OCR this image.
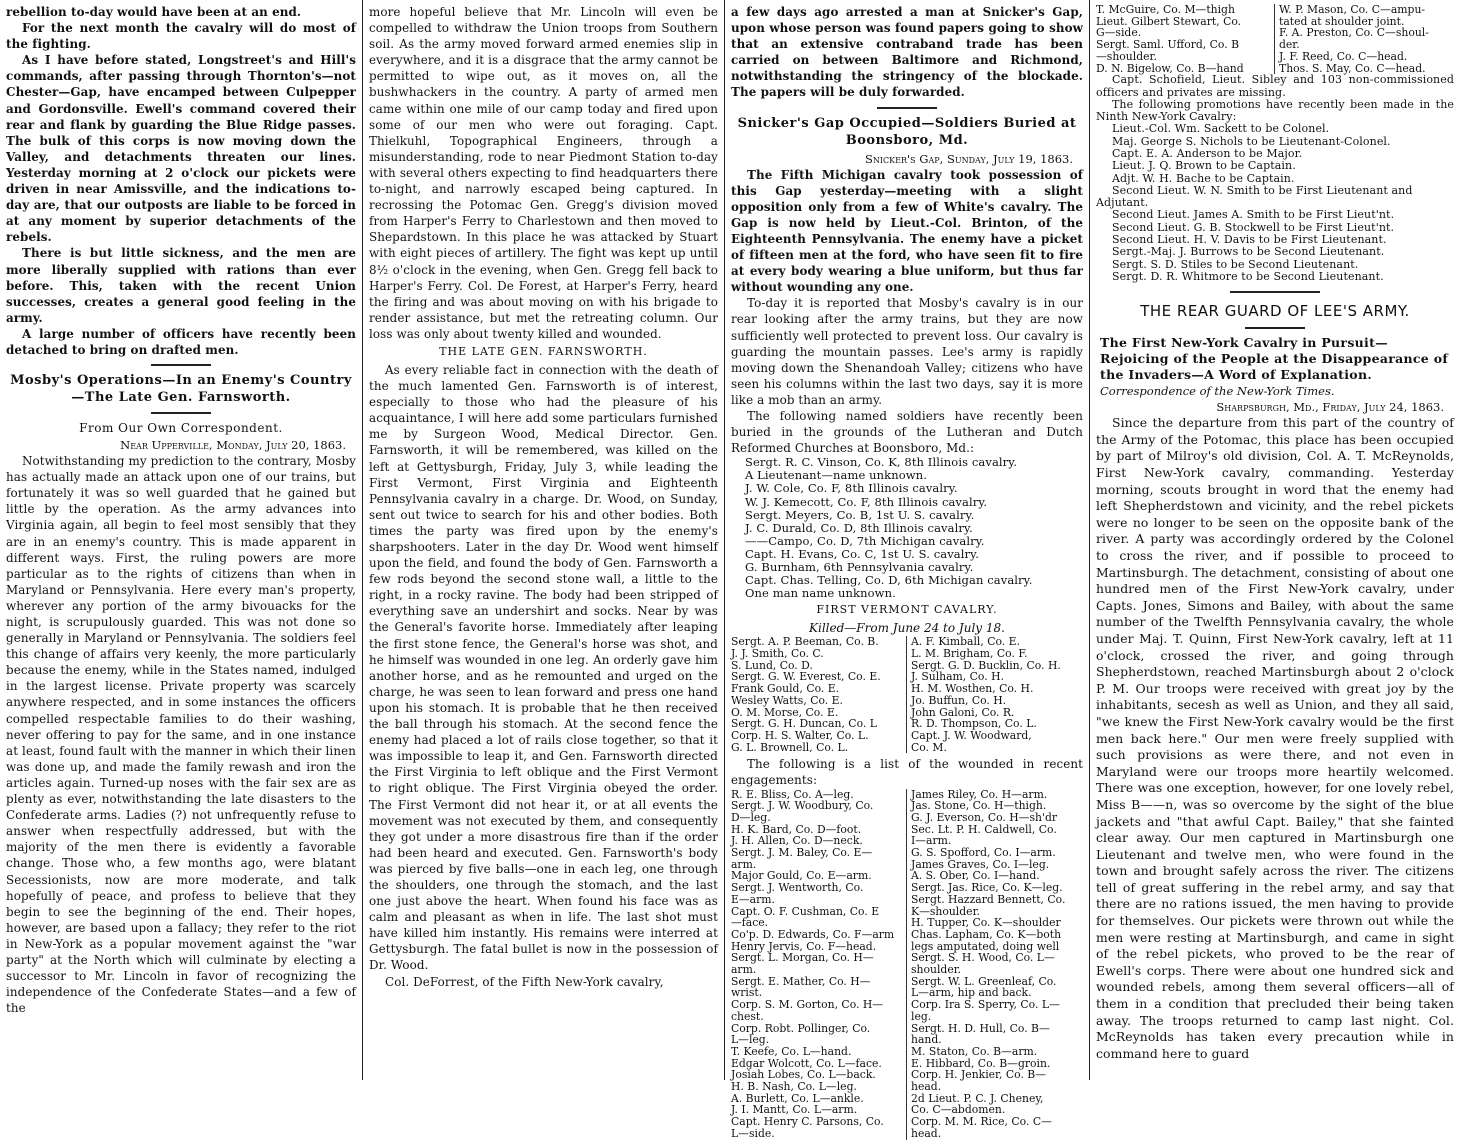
rebellion to-day would have been at an end.

For the next month the cavalry will do most of the fighting.

As I have before stated, Longstreet's and Hill's commands, after passing through Thornton's—not Chester—Gap, have encamped between Culpepper and Gordonsville. Ewell's command covered their rear and flank by guarding the Blue Ridge passes. The bulk of this corps is now moving down the Valley, and detachments threaten our lines. Yesterday morning at 2 o'clock our pickets were driven in near Amissville, and the indications to-day are, that our outposts are liable to be forced in at any moment by superior detachments of the rebels.

There is but little sickness, and the men are more liberally supplied with rations than ever before. This, taken with the recent Union successes, creates a general good feeling in the army.

A large number of officers have recently been detached to bring on drafted men.

Mosby's Operations—In an Enemy's Country —The Late Gen. Farnsworth.
From Our Own Correspondent.
Near Upperville, Monday, July 20, 1863.

Notwithstanding my prediction to the contrary, Mosby has actually made an attack upon one of our trains, but fortunately it was so well guarded that he gained but little by the operation. As the army advances into Virginia again, all begin to feel most sensibly that they are in an enemy's country. This is made apparent in different ways. First, the ruling powers are more particular as to the rights of citizens than when in Maryland or Pennsylvania. Here every man's property, wherever any portion of the army bivouacks for the night, is scrupulously guarded. This was not done so generally in Maryland or Pennsylvania. The soldiers feel this change of affairs very keenly, the more particularly because the enemy, while in the States named, indulged in the largest license. Private property was scarcely anywhere respected, and in some instances the officers compelled respectable families to do their washing, never offering to pay for the same, and in one instance at least, found fault with the manner in which their linen was done up, and made the family rewash and iron the articles again. Turned-up noses with the fair sex are as plenty as ever, notwithstanding the late disasters to the Confederate arms. Ladies (?) not unfrequently refuse to answer when respectfully addressed, but with the majority of the men there is evidently a favorable change. Those who, a few months ago, were blatant Secessionists, now are more moderate, and talk hopefully of peace, and profess to believe that they begin to see the beginning of the end. Their hopes, however, are based upon a fallacy; they refer to the riot in New-York as a popular movement against the "war party" at the North which will culminate by electing a successor to Mr. Lincoln in favor of recognizing the independence of the Confederate States—and a few of the

more hopeful believe that Mr. Lincoln will even be compelled to withdraw the Union troops from Southern soil. As the army moved forward armed enemies slip in everywhere, and it is a disgrace that the army cannot be permitted to wipe out, as it moves on, all the bushwhackers in the country. A party of armed men came within one mile of our camp today and fired upon some of our men who were out foraging. Capt. Thielkuhl, Topographical Engineers, through a misunderstanding, rode to near Piedmont Station to-day with several others expecting to find headquarters there to-night, and narrowly escaped being captured. In recrossing the Potomac Gen. Gregg's division moved from Harper's Ferry to Charlestown and then moved to Shepardstown. In this place he was attacked by Stuart with eight pieces of artillery. The fight was kept up until 8½ o'clock in the evening, when Gen. Gregg fell back to Harper's Ferry. Col. De Forest, at Harper's Ferry, heard the firing and was about moving on with his brigade to render assistance, but met the retreating column. Our loss was only about twenty killed and wounded.

THE LATE GEN. FARNSWORTH.

As every reliable fact in connection with the death of the much lamented Gen. Farnsworth is of interest, especially to those who had the pleasure of his acquaintance, I will here add some particulars furnished me by Surgeon Wood, Medical Director. Gen. Farnsworth, it will be remembered, was killed on the left at Gettysburgh, Friday, July 3, while leading the First Vermont, First Virginia and Eighteenth Pennsylvania cavalry in a charge. Dr. Wood, on Sunday, sent out twice to search for his and other bodies. Both times the party was fired upon by the enemy's sharpshooters. Later in the day Dr. Wood went himself upon the field, and found the body of Gen. Farnsworth a few rods beyond the second stone wall, a little to the right, in a rocky ravine. The body had been stripped of everything save an undershirt and socks. Near by was the General's favorite horse. Immediately after leaping the first stone fence, the General's horse was shot, and he himself was wounded in one leg. An orderly gave him another horse, and as he remounted and urged on the charge, he was seen to lean forward and press one hand upon his stomach. It is probable that he then received the ball through his stomach. At the second fence the enemy had placed a lot of rails close together, so that it was impossible to leap it, and Gen. Farnsworth directed the First Virginia to left oblique and the First Vermont to right oblique. The First Virginia obeyed the order. The First Vermont did not hear it, or at all events the movement was not executed by them, and consequently they got under a more disastrous fire than if the order had been heard and executed. Gen. Farnsworth's body was pierced by five balls—one in each leg, one through the shoulders, one through the stomach, and the last one just above the heart. When found his face was as calm and pleasant as when in life. The last shot must have killed him instantly. His remains were interred at Gettysburgh. The fatal bullet is now in the possession of Dr. Wood.

Col. DeForrest, of the Fifth New-York cavalry,

a few days ago arrested a man at Snicker's Gap, upon whose person was found papers going to show that an extensive contraband trade has been carried on between Baltimore and Richmond, notwithstanding the stringency of the blockade. The papers will be duly forwarded.

Snicker's Gap Occupied—Soldiers Buried at Boonsboro, Md.
Snicker's Gap, Sunday, July 19, 1863.

The Fifth Michigan cavalry took possession of this Gap yesterday—meeting with a slight opposition only from a few of White's cavalry. The Gap is now held by Lieut.-Col. Brinton, of the Eighteenth Pennsylvania. The enemy have a picket of fifteen men at the ford, who have seen fit to fire at every body wearing a blue uniform, but thus far without wounding any one.

To-day it is reported that Mosby's cavalry is in our rear looking after the army trains, but they are now sufficiently well protected to prevent loss. Our cavalry is guarding the mountain passes. Lee's army is rapidly moving down the Shenandoah Valley; citizens who have seen his columns within the last two days, say it is more like a mob than an army.

The following named soldiers have recently been buried in the grounds of the Lutheran and Dutch Reformed Churches at Boonsboro, Md.:

Sergt. R. C. Vinson, Co. K, 8th Illinois cavalry.

A Lieutenant—name unknown.

J. W. Cole, Co. F, 8th Illinois cavalry.

W. J. Kemecott, Co. F, 8th Illinois cavalry.

Sergt. Meyers, Co. B, 1st U. S. cavalry.

J. C. Durald, Co. D, 8th Illinois cavalry.

——Campo, Co. D, 7th Michigan cavalry.

Capt. H. Evans, Co. C, 1st U. S. cavalry.

G. Burnham, 6th Pennsylvania cavalry.

Capt. Chas. Telling, Co. D, 6th Michigan cavalry.

One man name unknown.

FIRST VERMONT CAVALRY.
Killed—From June 24 to July 18.
Sergt. A. P. Beeman, Co. B.
J. J. Smith, Co. C.
S. Lund, Co. D.
Sergt. G. W. Everest, Co. E.
Frank Gould, Co. E.
Wesley Watts, Co. E.
O. M. Morse, Co. E.
Sergt. G. H. Duncan, Co. L
Corp. H. S. Walter, Co. L.
G. L. Brownell, Co. L.
A. F. Kimball, Co. E.
L. M. Brigham, Co. F.
Sergt. G. D. Bucklin, Co. H.
J. Sulham, Co. H.
H. M. Wosthen, Co. H.
Jo. Buffun, Co. H.
John Galoni, Co. R.
R. D. Thompson, Co. L.
Capt. J. W. Woodward,
Co. M.

The following is a list of the wounded in recent engagements:

R. E. Bliss, Co. A—leg.
Sergt. J. W. Woodbury, Co.
D—leg.
H. K. Bard, Co. D—foot.
J. H. Allen, Co. D—neck.
Sergt. J. M. Baley, Co. E—
arm.
Major Gould, Co. E—arm.
Sergt. J. Wentworth, Co.
E—arm.
Capt. O. F. Cushman, Co. E
—face.
Co'p. D. Edwards, Co. F—arm
Henry Jervis, Co. F—head.
Sergt. L. Morgan, Co. H—
arm.
Sergt. E. Mather, Co. H—
wrist.
Corp. S. M. Gorton, Co. H—
chest.
Corp. Robt. Pollinger, Co.
L—leg.
T. Keefe, Co. L—hand.
Edgar Wolcott, Co. L—face.
Josiah Lobes, Co. L—back.
H. B. Nash, Co. L—leg.
A. Burlett, Co. L—ankle.
J. I. Mantt, Co. L—arm.
Capt. Henry C. Parsons, Co.
L—side.
James Riley, Co. H—arm.
Jas. Stone, Co. H—thigh.
G. J. Everson, Co. H—sh'dr
Sec. Lt. P. H. Caldwell, Co.
I—arm.
G. S. Spofford, Co. I—arm.
James Graves, Co. I—leg.
A. S. Ober, Co. I—hand.
Sergt. Jas. Rice, Co. K—leg.
Sergt. Hazzard Bennett, Co.
K—shoulder.
H. Tupper, Co. K—shoulder
Chas. Lapham, Co. K—both
legs amputated, doing well
Sergt. S. H. Wood, Co. L—
shoulder.
Sergt. W. L. Greenleaf, Co.
L—arm, hip and back.
Corp. Ira S. Sperry, Co. L—
leg.
Sergt. H. D. Hull, Co. B—
hand.
M. Staton, Co. B—arm.
E. Hibbard, Co. B—groin.
Corp. H. Jenkier, Co. B—
head.
2d Lieut. P. C. J. Cheney,
Co. C—abdomen.
Corp. M. M. Rice, Co. C—
head.
T. McGuire, Co. M—thigh
Lieut. Gilbert Stewart, Co.
G—side.
Sergt. Saml. Ufford, Co. B
—shoulder.
D. N. Bigelow, Co. B—hand
W. P. Mason, Co. C—ampu-
tated at shoulder joint.
F. A. Preston, Co. C—shoul-
der.
J. F. Reed, Co. C—head.
Thos. S. May, Co. C—head.

Capt. Schofield, Lieut. Sibley and 103 non-commissioned officers and privates are missing.

The following promotions have recently been made in the Ninth New-York Cavalry:

Lieut.-Col. Wm. Sackett to be Colonel.

Maj. George S. Nichols to be Lieutenant-Colonel.

Capt. E. A. Anderson to be Major.

Lieut. J. Q. Brown to be Captain.

Adjt. W. H. Bache to be Captain.

Second Lieut. W. N. Smith to be First Lieutenant and Adjutant.

Second Lieut. James A. Smith to be First Lieut'nt.

Second Lieut. G. B. Stockwell to be First Lieut'nt.

Second Lieut. H. V. Davis to be First Lieutenant.

Sergt.-Maj. J. Burrows to be Second Lieutenant.

Sergt. S. D. Stiles to be Second Lieutenant.

Sergt. D. R. Whitmore to be Second Lieutenant.

THE REAR GUARD OF LEE'S ARMY.
The First New-York Cavalry in Pursuit—Rejoicing of the People at the Disappearance of the Invaders—A Word of Explanation.
Correspondence of the New-York Times.
Sharpsburgh, Md., Friday, July 24, 1863.

Since the departure from this part of the country of the Army of the Potomac, this place has been occupied by part of Milroy's old division, Col. A. T. McReynolds, First New-York cavalry, commanding. Yesterday morning, scouts brought in word that the enemy had left Shepherdstown and vicinity, and the rebel pickets were no longer to be seen on the opposite bank of the river. A party was accordingly ordered by the Colonel to cross the river, and if possible to proceed to Martinsburgh. The detachment, consisting of about one hundred men of the First New-York cavalry, under Capts. Jones, Simons and Bailey, with about the same number of the Twelfth Pennsylvania cavalry, the whole under Maj. T. Quinn, First New-York cavalry, left at 11 o'clock, crossed the river, and going through Shepherdstown, reached Martinsburgh about 2 o'clock P. M. Our troops were received with great joy by the inhabitants, secesh as well as Union, and they all said, "we knew the First New-York cavalry would be the first men back here." Our men were freely supplied with such provisions as were there, and not even in Maryland were our troops more heartily welcomed. There was one exception, however, for one lovely rebel, Miss B——n, was so overcome by the sight of the blue jackets and "that awful Capt. Bailey," that she fainted clear away. Our men captured in Martinsburgh one Lieutenant and twelve men, who were found in the town and brought safely across the river. The citizens tell of great suffering in the rebel army, and say that there are no rations issued, the men having to provide for themselves. Our pickets were thrown out while the men were resting at Martinsburgh, and came in sight of the rebel pickets, who proved to be the rear of Ewell's corps. There were about one hundred sick and wounded rebels, among them several officers—all of them in a condition that precluded their being taken away. The troops returned to camp last night. Col. McReynolds has taken every precaution while in command here to guard
